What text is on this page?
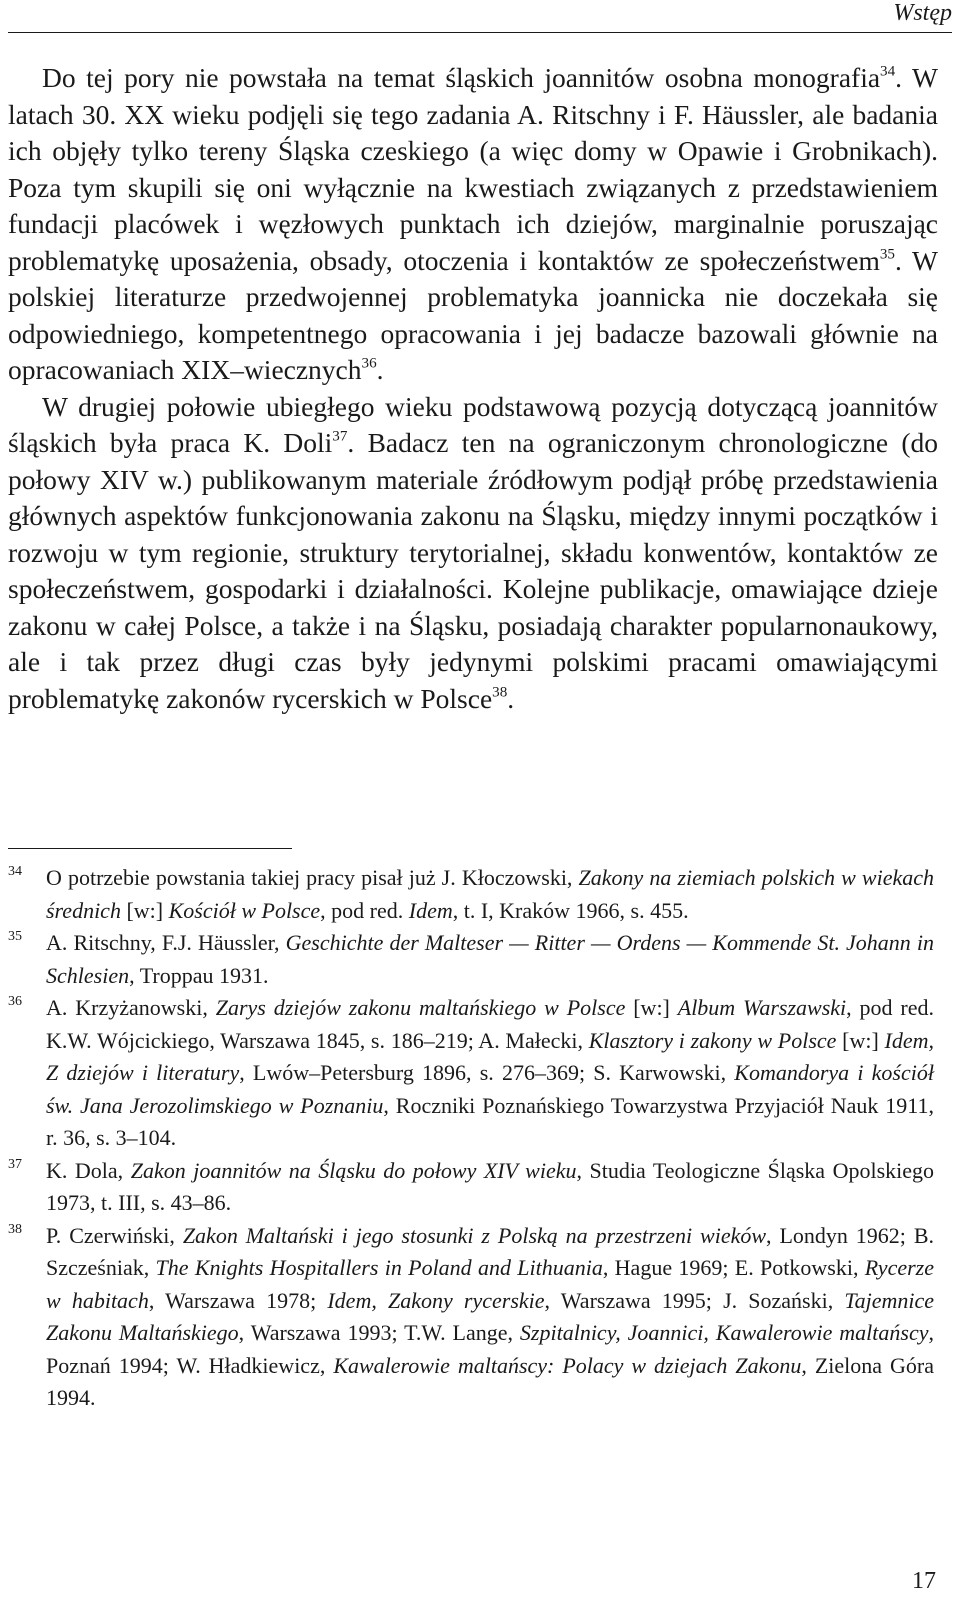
Wstęp

Do tej pory nie powstała na temat śląskich joannitów osobna monografia$^{34}$. W latach 30. XX wieku podjęli się tego zadania A. Ritschny i F. Häussler, ale badania ich objęły tylko tereny Śląska czeskiego (a więc domy w Opawie i Grobnikach). Poza tym skupili się oni wyłącznie na kwestiach związanych z przedstawieniem fundacji placówek i węzłowych punktach ich dziejów, marginalnie poruszając problematykę uposażenia, obsady, otoczenia i kontaktów ze społeczeństwem$^{35}$. W polskiej literaturze przedwojennej problematyka joannicka nie doczekała się odpowiedniego, kompetentnego opracowania i jej badacze bazowali głównie na opracowaniach XIX–wiecznych$^{36}$.

W drugiej połowie ubiegłego wieku podstawową pozycją dotyczącą joannitów śląskich była praca K. Doli$^{37}$. Badacz ten na ograniczonym chronologiczne (do połowy XIV w.) publikowanym materiale źródłowym podjął próbę przedstawienia głównych aspektów funkcjonowania zakonu na Śląsku, między innymi początków i rozwoju w tym regionie, struktury terytorialnej, składu konwentów, kontaktów ze społeczeństwem, gospodarki i działalności. Kolejne publikacje, omawiające dzieje zakonu w całej Polsce, a także i na Śląsku, posiadają charakter popularnonaukowy, ale i tak przez długi czas były jedynymi polskimi pracami omawiającymi problematykę zakonów rycerskich w Polsce$^{38}$.

34 O potrzebie powstania takiej pracy pisał już J. Kłoczowski, Zakony na ziemiach polskich w wiekach średnich [w:] Kościół w Polsce, pod red. Idem, t. I, Kraków 1966, s. 455.
35 A. Ritschny, F.J. Häussler, Geschichte der Malteser — Ritter — Ordens — Kommende St. Johann in Schlesien, Troppau 1931.
36 A. Krzyżanowski, Zarys dziejów zakonu maltańskiego w Polsce [w:] Album Warszawski, pod red. K.W. Wójcickiego, Warszawa 1845, s. 186–219; A. Małecki, Klasztory i zakony w Polsce [w:] Idem, Z dziejów i literatury, Lwów–Petersburg 1896, s. 276–369; S. Karwowski, Komandorya i kościół św. Jana Jerozolimskiego w Poznaniu, Roczniki Poznańskiego Towarzystwa Przyjaciół Nauk 1911, r. 36, s. 3–104.
37 K. Dola, Zakon joannitów na Śląsku do połowy XIV wieku, Studia Teologiczne Śląska Opolskiego 1973, t. III, s. 43–86.
38 P. Czerwiński, Zakon Maltański i jego stosunki z Polską na przestrzeni wieków, Londyn 1962; B. Szcześniak, The Knights Hospitallers in Poland and Lithuania, Hague 1969; E. Potkowski, Rycerze w habitach, Warszawa 1978; Idem, Zakony rycerskie, Warszawa 1995; J. Sozański, Tajemnice Zakonu Maltańskiego, Warszawa 1993; T.W. Lange, Szpitalnicy, Joannici, Kawalerowie maltańscy, Poznań 1994; W. Hładkiewicz, Kawalerowie maltańscy: Polacy w dziejach Zakonu, Zielona Góra 1994.
17
